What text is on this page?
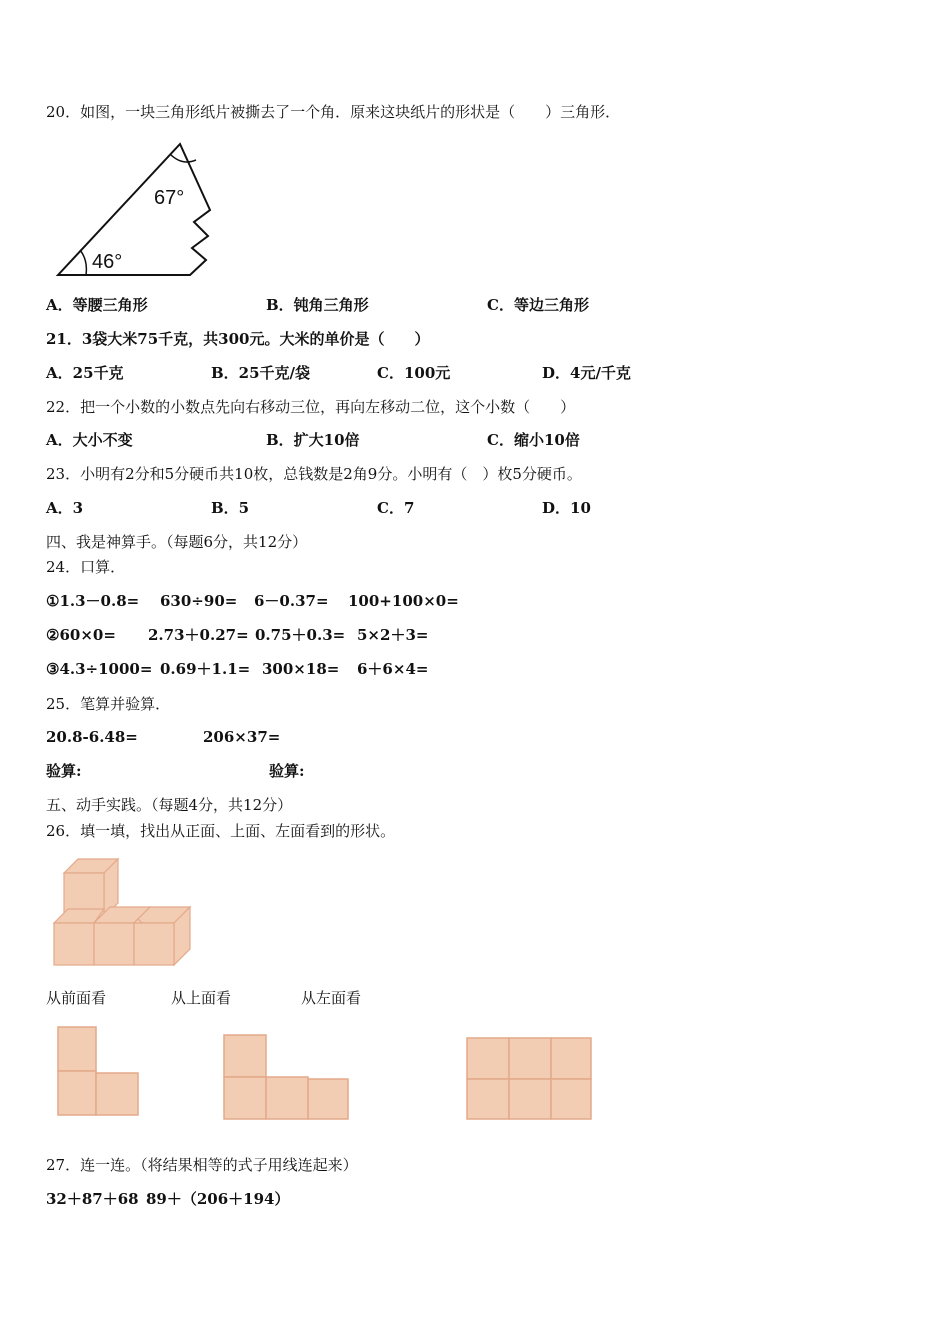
20．如图，一块三角形纸片被撕去了一个角．原来这块纸片的形状是（　　）三角形．
67°
46°
A．等腰三角形	B．钝角三角形	C．等边三角形
21．3袋大米75千克，共300元。大米的单价是（　　）
A．25千克	B．25千克/袋	C．100元	D．4元/千克
22．把一个小数的小数点先向右移动三位，再向左移动二位，这个小数（　　）
A．大小不变	B．扩大10倍	C．缩小10倍
23．小明有2分和5分硬币共10枚，总钱数是2角9分。小明有（　）枚5分硬币。
A．3	B．5	C．7	D．10
四、我是神算手。（每题6分，共12分）
24．口算．
①1.3－0.8= 630÷90= 6－0.37= 100+100×0=
②60×0= 2.73＋0.27= 0.75＋0.3= 5×2＋3=
③4.3÷1000= 0.69＋1.1= 300×18= 6＋6×4=
25．笔算并验算．
20.8-6.48=	206×37=
验算:	验算:
五、动手实践。（每题4分，共12分）
26．填一填，找出从正面、上面、左面看到的形状。
从前面看	从上面看	从左面看
27．连一连。（将结果相等的式子用线连起来）
32＋87＋68 89＋（206＋194）
